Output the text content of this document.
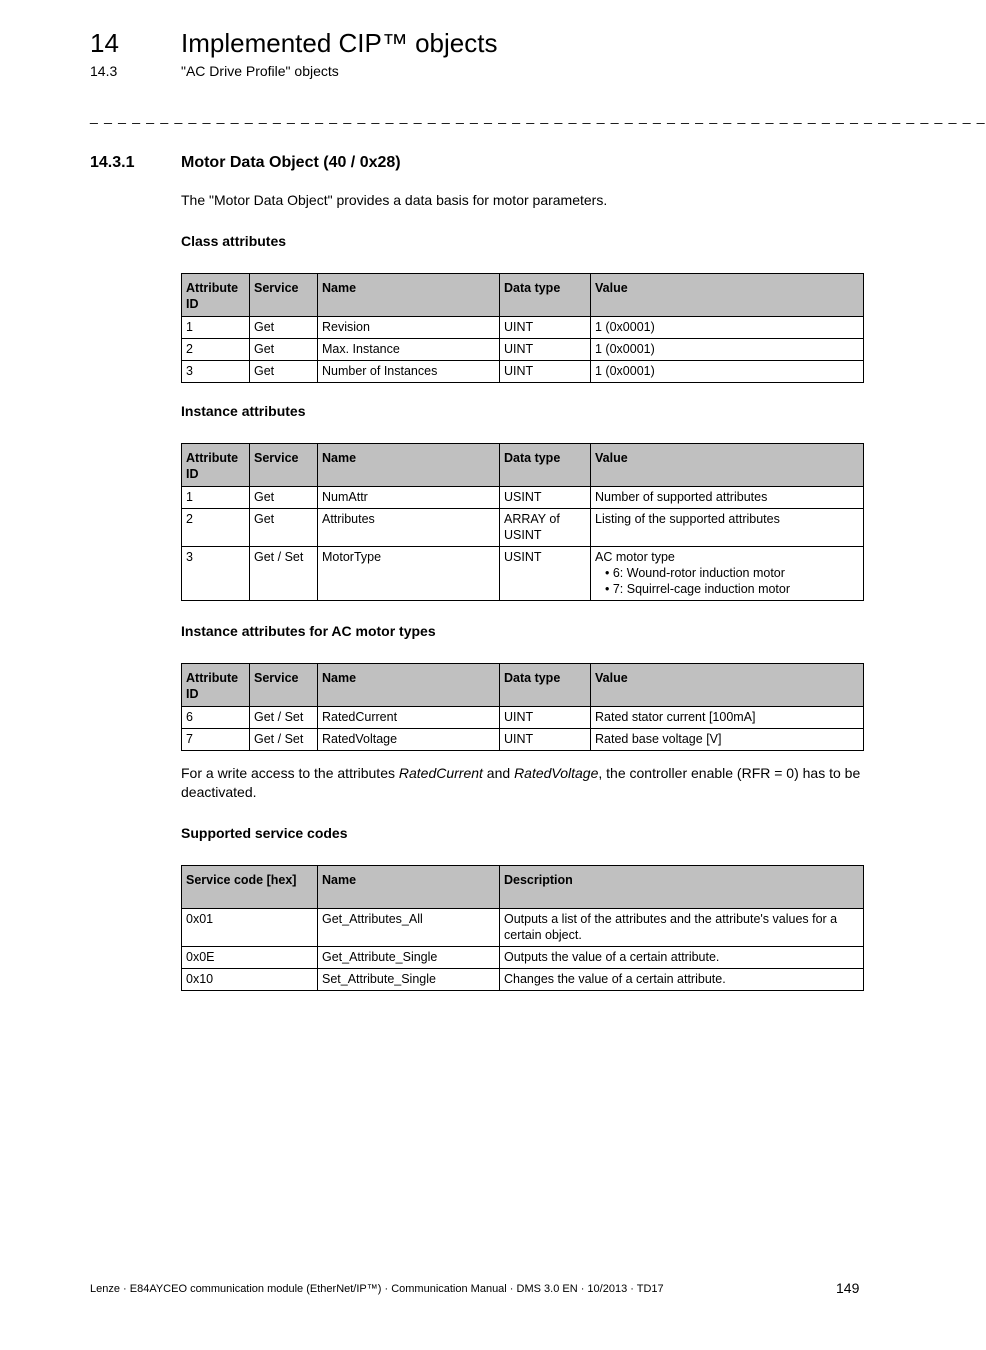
14 Implemented CIP™ objects
14.3	"AC Drive Profile" objects
_ _ _ _ _ _ _ _ _ _ _ _ _ _ _ _ _ _ _ _ _ _ _ _ _ _ _ _ _ _ _ _ _ _ _ _ _ _ _ _ _ _ _ _ _ _ _ _ _ _ _ _ _ _ _ _ _ _ _ _ _ _ _ _
14.3.1	Motor Data Object (40 / 0x28)
The "Motor Data Object" provides a data basis for motor parameters.
Class attributes
Attribute ID	Service	Name	Data type	Value
1	Get	Revision	UINT	1 (0x0001)
2	Get	Max. Instance	UINT	1 (0x0001)
3	Get	Number of Instances	UINT	1 (0x0001)
Instance attributes
Attribute ID	Service	Name	Data type	Value
1	Get	NumAttr	USINT	Number of supported attributes
2	Get	Attributes	ARRAY of USINT	Listing of the supported attributes
3	Get / Set	MotorType	USINT	AC motor type
• 6: Wound-rotor induction motor
• 7: Squirrel-cage induction motor
Instance attributes for AC motor types
Attribute ID	Service	Name	Data type	Value
6	Get / Set	RatedCurrent	UINT	Rated stator current [100mA]
7	Get / Set	RatedVoltage	UINT	Rated base voltage [V]
For a write access to the attributes RatedCurrent and RatedVoltage, the controller enable (RFR = 0) has to be deactivated.
Supported service codes
Service code [hex]	Name	Description
0x01	Get_Attributes_All	Outputs a list of the attributes and the attribute's values for a certain object.
0x0E	Get_Attribute_Single	Outputs the value of a certain attribute.
0x10	Set_Attribute_Single	Changes the value of a certain attribute.
Lenze · E84AYCEO communication module (EtherNet/IP™) · Communication Manual · DMS 3.0 EN · 10/2013 · TD17	149
